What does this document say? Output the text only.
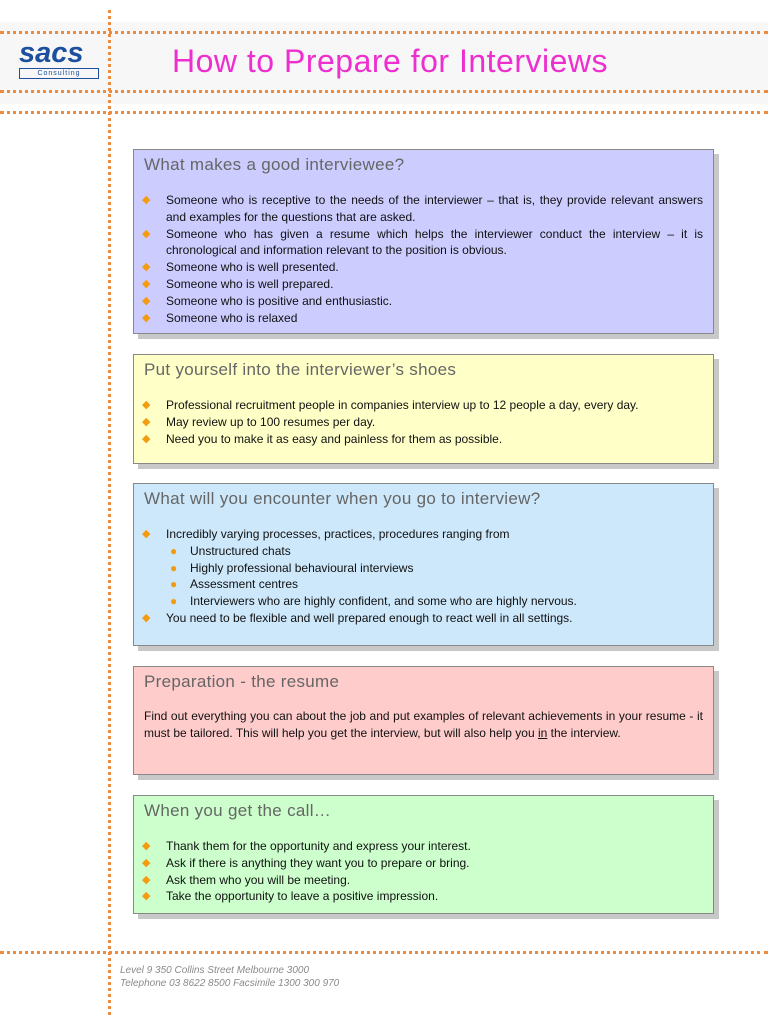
sacs
Consulting	How to Prepare for Interviews
What makes a good interviewee?
◆ Someone who is receptive to the needs of the interviewer – that is, they provide relevant answers and examples for the questions that are asked.
◆ Someone who has given a resume which helps the interviewer conduct the interview – it is chronological and information relevant to the position is obvious.
◆ Someone who is well presented.
◆ Someone who is well prepared.
◆ Someone who is positive and enthusiastic.
◆ Someone who is relaxed
Put yourself into the interviewer’s shoes
◆ Professional recruitment people in companies interview up to 12 people a day, every day.
◆ May review up to 100 resumes per day.
◆ Need you to make it as easy and painless for them as possible.
What will you encounter when you go to interview?
◆ Incredibly varying processes, practices, procedures ranging from
● Unstructured chats
● Highly professional behavioural interviews
● Assessment centres
● Interviewers who are highly confident, and some who are highly nervous.
◆ You need to be flexible and well prepared enough to react well in all settings.
Preparation - the resume

Find out everything you can about the job and put examples of relevant achievements in your resume - it must be tailored. This will help you get the interview, but will also help you in the interview.

When you get the call…
◆ Thank them for the opportunity and express your interest.
◆ Ask if there is anything they want you to prepare or bring.
◆ Ask them who you will be meeting.
◆ Take the opportunity to leave a positive impression.
Level 9 350 Collins Street Melbourne 3000
Telephone 03 8622 8500 Facsimile 1300 300 970
